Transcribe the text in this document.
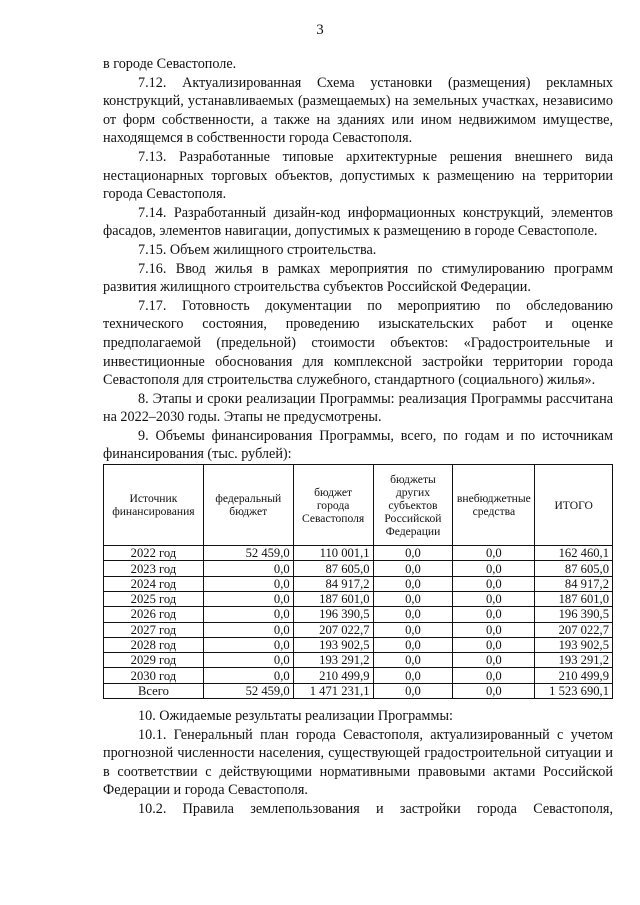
3

в городе Севастополе.

7.12. Актуализированная Схема установки (размещения) рекламных конструкций, устанавливаемых (размещаемых) на земельных участках, независимо от форм собственности, а также на зданиях или ином недвижимом имуществе, находящемся в собственности города Севастополя.

7.13. Разработанные типовые архитектурные решения внешнего вида нестационарных торговых объектов, допустимых к размещению на территории города Севастополя.

7.14. Разработанный дизайн-код информационных конструкций, элементов фасадов, элементов навигации, допустимых к размещению в городе Севастополе.

7.15. Объем жилищного строительства.

7.16. Ввод жилья в рамках мероприятия по стимулированию программ развития жилищного строительства субъектов Российской Федерации.

7.17. Готовность документации по мероприятию по обследованию технического состояния, проведению изыскательских работ и оценке предполагаемой (предельной) стоимости объектов: «Градостроительные и инвестиционные обоснования для комплексной застройки территории города Севастополя для строительства служебного, стандартного (социального) жилья».

8. Этапы и сроки реализации Программы: реализация Программы рассчитана на 2022–2030 годы. Этапы не предусмотрены.

9. Объемы финансирования Программы, всего, по годам и по источникам финансирования (тыс. рублей):

Источник финансирования	федеральный бюджет	бюджет города Севастополя	бюджеты других субъектов Российской Федерации	внебюджетные средства	ИТОГО
2022 год	52 459,0	110 001,1	0,0	0,0	162 460,1
2023 год	0,0	87 605,0	0,0	0,0	87 605,0
2024 год	0,0	84 917,2	0,0	0,0	84 917,2
2025 год	0,0	187 601,0	0,0	0,0	187 601,0
2026 год	0,0	196 390,5	0,0	0,0	196 390,5
2027 год	0,0	207 022,7	0,0	0,0	207 022,7
2028 год	0,0	193 902,5	0,0	0,0	193 902,5
2029 год	0,0	193 291,2	0,0	0,0	193 291,2
2030 год	0,0	210 499,9	0,0	0,0	210 499,9
Всего	52 459,0	1 471 231,1	0,0	0,0	1 523 690,1

10. Ожидаемые результаты реализации Программы:

10.1. Генеральный план города Севастополя, актуализированный с учетом прогнозной численности населения, существующей градостроительной ситуации и в соответствии с действующими нормативными правовыми актами Российской Федерации и города Севастополя.

10.2. Правила землепользования и застройки города Севастополя,
